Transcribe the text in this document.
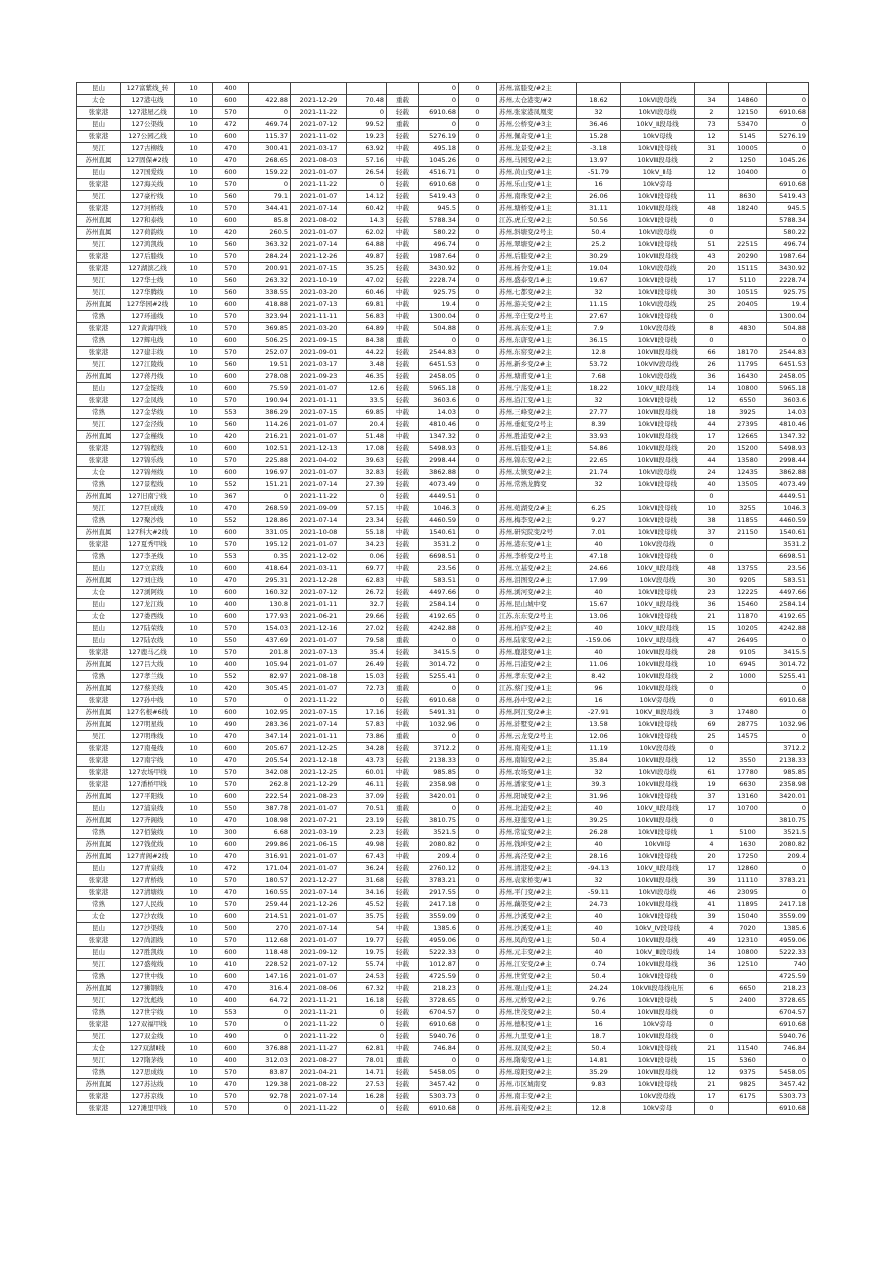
昆山	127富紫线_转	10	400					0	0	苏州,富塍变/#2主					
太仓	127港屯线	10	600	422.88	2021-12-29	70.48	重载	0	0	苏州,太仓港变/#2	18.62	10kVⅠ段母线	34	14860	0
张家港	127港屋乙线	10	570	0	2021-11-22	0	轻载	6910.68	0	苏州,张家港凤凰变	32	10kVⅠ段母线	2	12150	6910.68
昆山	127公渠线	10	472	469.74	2021-07-12	99.52	重载	0	0	苏州,公桥变/#3主	36.46	10kV_Ⅱ段母线	73	53470	0
张家港	127公园乙线	10	600	115.37	2021-11-02	19.23	轻载	5276.19	0	苏州,佩奇变/#1主	15.28	10kV母线	12	5145	5276.19
吴江	127古柳线	10	470	300.41	2021-03-17	63.92	中载	495.18	0	苏州,龙景变/#2主	-3.18	10kVⅡ段母线	31	10005	0
苏州直属	127固保#2线	10	470	268.65	2021-08-03	57.16	中载	1045.26	0	苏州,马园变/#2主	13.97	10kVⅢ段母线	2	1250	1045.26
昆山	127国爱线	10	600	159.22	2021-01-07	26.54	轻载	4516.71	0	苏州,黄山变/#1主	-51.79	10kV_Ⅱ母	12	10400	0
张家港	127海关线	10	570	0	2021-11-22	0	轻载	6910.68	0	苏州,乐山变/#1主	16	10kV旁母			6910.68
吴江	127豪柠线	10	560	79.1	2021-01-07	14.12	轻载	5419.43	0	苏州,南珠变/#2主	26.06	10kVⅡ段母线	11	8630	5419.43
张家港	127河桥线	10	570	344.41	2021-07-14	60.42	中载	945.5	0	苏州,塘桥变/#1主	31.11	10kVⅢ段母线	48	18240	945.5
苏州直属	127和泰线	10	600	85.8	2021-08-02	14.3	轻载	5788.34	0	江苏,虎丘变/#2主	50.56	10kVⅡ段母线	0		5788.34
苏州直属	127荷韵线	10	420	260.5	2021-01-07	62.02	中载	580.22	0	苏州,斜塘变/2号主	50.4	10kVⅠ段母线	0		580.22
吴江	127鸿凯线	10	560	363.32	2021-07-14	64.88	中载	496.74	0	苏州,翠塘变/#2主	25.2	10kVⅡ段母线	51	22515	496.74
张家港	127后塍线	10	570	284.24	2021-12-26	49.87	轻载	1987.64	0	苏州,后塍变/#2主	30.29	10kVⅢ段母线	43	20290	1987.64
张家港	127湖滨乙线	10	570	200.91	2021-07-15	35.25	轻载	3430.92	0	苏州,杨舍变/#1主	19.04	10kVⅠ段母线	20	15115	3430.92
吴江	127华士线	10	560	263.32	2021-10-19	47.02	轻载	2228.74	0	苏州,盛泰变/1#主	19.67	10kVⅡ段母线	17	5110	2228.74
吴江	127华腾线	10	560	338.55	2021-03-20	60.46	中载	925.75	0	苏州,七都变/#2主	32	10kVⅡ段母线	30	10515	925.75
苏州直属	127华园#2线	10	600	418.88	2021-07-13	69.81	中载	19.4	0	苏州,游关变/#2主	11.15	10kVⅠ段母线	25	20405	19.4
常熟	127环通线	10	570	323.94	2021-11-11	56.83	中载	1300.04	0	苏州,辛庄变/2号主	27.67	10kVⅡ段母线	0		1300.04
张家港	127黄海甲线	10	570	369.85	2021-03-20	64.89	中载	504.88	0	苏州,高东变/#1主	7.9	10kV段母线	8	4830	504.88
常熟	127辉电线	10	600	506.25	2021-09-15	84.38	重载	0	0	苏州,东唐变/#1主	36.15	10kVⅡ段母线	0		0
张家港	127建丰线	10	570	252.07	2021-09-01	44.22	轻载	2544.83	0	苏州,东窑变/#2主	12.8	10kVⅢ段母线	66	18170	2544.83
吴江	127江陵线	10	560	19.51	2021-03-17	3.48	轻载	6451.53	0	苏州,新乡变/2#主	53.72	10kVⅣ段母线	26	11795	6451.53
苏州直属	127蒋丹线	10	600	278.08	2021-09-23	46.35	轻载	2458.05	0	苏州,塘甫变/#1主	7.68	10kVⅠ段母线	36	16430	2458.05
昆山	127金锭线	10	600	75.59	2021-01-07	12.6	轻载	5965.18	0	苏州,宁荡变/#1主	18.22	10kV_Ⅱ段母线	14	10800	5965.18
张家港	127金凤线	10	570	190.94	2021-01-11	33.5	轻载	3603.6	0	苏州,沿江变/#1主	32	10kVⅡ段母线	12	6550	3603.6
常熟	127金华线	10	553	386.29	2021-07-15	69.85	中载	14.03	0	苏州,三峰变/#2主	27.77	10kVⅢ段母线	18	3925	14.03
吴江	127金泾线	10	560	114.26	2021-01-07	20.4	轻载	4810.46	0	苏州,垂虹变/2号主	8.39	10kVⅡ段母线	44	27395	4810.46
苏州直属	127金槿线	10	420	216.21	2021-01-07	51.48	中载	1347.32	0	苏州,胜浦变/#2主	33.93	10kVⅢ段母线	17	12665	1347.32
张家港	127锦程线	10	600	102.51	2021-12-13	17.08	轻载	5498.93	0	苏州,后塍变/#1主	54.86	10kVⅢ段母线	20	15200	5498.93
张家港	127锦乐线	10	570	225.88	2021-04-02	39.63	轻载	2998.44	0	苏州,锦东变/#2主	22.65	10kVⅢ段母线	44	13580	2998.44
太仓	127锦州线	10	600	196.97	2021-01-07	32.83	轻载	3862.88	0	苏州,太镇变/#2主	21.74	10kVⅠ段母线	24	12435	3862.88
常熟	127景程线	10	552	151.21	2021-07-14	27.39	轻载	4073.49	0	苏州,常熟龙腾变	32	10kVⅡ段母线	40	13505	4073.49
苏州直属	127旧南宁线	10	367	0	2021-11-22	0	轻载	4449.51	0				0		4449.51
吴江	127巨成线	10	470	268.59	2021-09-09	57.15	中载	1046.3	0	苏州,菀湖变/2#主	6.25	10kVⅡ段母线	10	3255	1046.3
常熟	127聚沙线	10	552	128.86	2021-07-14	23.34	轻载	4460.59	0	苏州,梅李变/#2主	9.27	10kVⅡ段母线	38	11855	4460.59
苏州直属	127科大#2线	10	600	331.05	2021-10-08	55.18	中载	1540.61	0	苏州,研究院变/2号	7.01	10kVⅡ段母线	37	21150	1540.61
张家港	127夏秀甲线	10	570	195.12	2021-01-07	34.23	轻载	3531.2	0	苏州,港东变/#1主	40	10kV段母线	0		3531.2
常熟	127李圣线	10	553	0.35	2021-12-02	0.06	轻载	6698.51	0	苏州,李桥变/2号主	47.18	10kVⅡ段母线	0		6698.51
昆山	127立京线	10	600	418.64	2021-03-11	69.77	中载	23.56	0	苏州,立基变/#2主	24.66	10kV_Ⅱ段母线	48	13755	23.56
苏州直属	127刘庄线	10	470	295.31	2021-12-28	62.83	中载	583.51	0	苏州,泪图变/2#主	17.99	10kV段母线	30	9205	583.51
太仓	127浏阿线	10	600	160.32	2021-07-12	26.72	轻载	4497.66	0	苏州,浏河变/#2主	40	10kVⅡ段母线	23	12225	4497.66
昆山	127龙江线	10	400	130.8	2021-01-11	32.7	轻载	2584.14	0	苏州,昆山城中变	15.67	10kV_Ⅱ段母线	36	15460	2584.14
太仓	127娄西线	10	600	177.93	2021-06-21	29.66	轻载	4192.65	0	江苏,东东变/2号主	13.06	10kVⅡ段母线	21	11870	4192.65
昆山	127陆荣线	10	570	154.03	2021-12-16	27.02	轻载	4242.88	0	苏州,柏庐变/#2主	40	10kV_Ⅱ段母线	15	10205	4242.88
昆山	127陆农线	10	550	437.69	2021-01-07	79.58	重载	0	0	苏州,陆家变/#2主	-159.06	10kV_Ⅱ段母线	47	26495	0
张家港	127鹿马乙线	10	570	201.8	2021-07-13	35.4	轻载	3415.5	0	苏州,鹿港变/#1主	40	10kVⅢ段母线	28	9105	3415.5
苏州直属	127吕大线	10	400	105.94	2021-01-07	26.49	轻载	3014.72	0	苏州,吕浦变/#2主	11.06	10kVⅢ段母线	10	6945	3014.72
常熟	127孝兰线	10	552	82.97	2021-08-18	15.03	轻载	5255.41	0	苏州,孝东变/#2主	8.42	10kVⅢ段母线	2	1000	5255.41
苏州直属	127蔡美线	10	420	305.45	2021-01-07	72.73	重载	0	0	江苏,蔡门变/#1主	96	10kVⅢ段母线	0		0
张家港	127孙中线	10	570	0	2021-11-22	0	轻载	6910.68	0	苏州,孙中变/#2主	16	10kV旁母线	0		6910.68
苏州直属	127名根#6线	10	600	102.95	2021-07-15	17.16	轻载	5491.31	0	苏州,阿江变/2#主	-27.91	10KV_Ⅲ段母线	3	17480	0
苏州直属	127明星线	10	490	283.36	2021-07-14	57.83	中载	1032.96	0	苏州,浒墅变/#2主	13.58	10kVⅡ段母线	69	28775	1032.96
吴江	127明珠线	10	470	347.14	2021-01-11	73.86	重载	0	0	苏州,云龙变/2号主	12.06	10kVⅡ段母线	25	14575	0
张家港	127南曼线	10	600	205.67	2021-12-25	34.28	轻载	3712.2	0	苏州,南苑变/#1主	11.19	10kV段母线	0		3712.2
张家港	127南宇线	10	470	205.54	2021-12-18	43.73	轻载	2138.33	0	苏州,南锦变/#2主	35.84	10kVⅢ段母线	12	3550	2138.33
张家港	127农场甲线	10	570	342.08	2021-12-25	60.01	中载	985.85	0	苏州,农场变/#1主	32	10kVⅠ段母线	61	17780	985.85
张家港	127潘桥甲线	10	570	262.8	2021-12-29	46.11	轻载	2358.98	0	苏州,潘家变/#1主	39.3	10kVⅢ段母线	19	6630	2358.98
苏州直属	127平阳线	10	600	222.54	2021-08-23	37.09	轻载	3420.01	0	苏州,阳城变/#2主	31.96	10kVⅡ段母线	37	13160	3420.01
昆山	127浦泉线	10	550	387.78	2021-01-07	70.51	重载	0	0	苏州,北浦变/#2主	40	10kV_Ⅱ段母线	17	10700	0
苏州直属	127齐阁线	10	470	108.98	2021-07-21	23.19	轻载	3810.75	0	苏州,迎莲变/#1主	39.25	10kVⅢ段母线	0		3810.75
常熟	127佰猿线	10	300	6.68	2021-03-19	2.23	轻载	3521.5	0	苏州,常谊变/#2主	26.28	10kVⅡ段母线	1	5100	3521.5
苏州直属	127钱优线	10	600	299.86	2021-06-15	49.98	轻载	2080.82	0	苏州,钱坤变/#2主	40	10kVⅡ母	4	1630	2080.82
苏州直属	127青阁#2线	10	470	316.91	2021-01-07	67.43	中载	209.4	0	苏州,高泾变/#2主	28.16	10kVⅡ段母线	20	17250	209.4
昆山	127青泉线	10	472	171.04	2021-01-07	36.24	轻载	2760.12	0	苏州,清港变/#2主	-94.13	10kV_Ⅱ段母线	17	12860	0
张家港	127青桥线	10	570	180.57	2021-12-27	31.68	轻载	3783.21	0	苏州,袁家桥变/#1	32	10kVⅢ段母线	39	11110	3783.21
张家港	127清塘线	10	470	160.55	2021-07-14	34.16	轻载	2917.55	0	苏州,平门变/#2主	-59.11	10kVⅠ段母线	46	23095	0
常熟	127人民线	10	570	259.44	2021-12-26	45.52	轻载	2417.18	0	苏州,藕渠变/#2主	24.73	10kVⅢ段母线	41	11895	2417.18
太仓	127沙农线	10	600	214.51	2021-01-07	35.75	轻载	3559.09	0	苏州,沙溪变/#2主	40	10kVⅡ段母线	39	15040	3559.09
昆山	127沙渠线	10	500	270	2021-07-14	54	中载	1385.6	0	苏州,沙溪变/#1主	40	10kV_Ⅳ段母线	4	7020	1385.6
张家港	127尚湄线	10	570	112.68	2021-01-07	19.77	轻载	4959.06	0	苏州,凤尚变/#1主	50.4	10kVⅢ段母线	49	12310	4959.06
昆山	127胜凯线	10	600	118.48	2021-09-12	19.75	轻载	5222.33	0	苏州,元丰变/#2主	40	10kV_Ⅲ段母线	14	10800	5222.33
吴江	127盛菀线	10	410	228.52	2021-07-12	55.74	中载	1012.87	0	苏州,江安变/2#主	0.74	10kVⅢ段母线	36	12510	740
常熟	127世中线	10	600	147.16	2021-01-07	24.53	轻载	4725.59	0	苏州,世贸变/#2主	50.4	10kVⅡ段母线	0		4725.59
苏州直属	127狮钢线	10	470	316.4	2021-08-06	67.32	中载	218.23	0	苏州,观山变/#1主	24.24	10kVⅡ段母线电压	6	6650	218.23
吴江	127沈彪线	10	400	64.72	2021-11-21	16.18	轻载	3728.65	0	苏州,元桥变/#2主	9.76	10kVⅡ段母线	5	2400	3728.65
常熟	127世宇线	10	553	0	2021-11-21	0	轻载	6704.57	0	苏州,世茂变/#2主	50.4	10kVⅢ段母线	0		6704.57
张家港	127双福甲线	10	570	0	2021-11-22	0	轻载	6910.68	0	苏州,德积变/#1主	16	10kV旁母	0		6910.68
吴江	127双金线	10	490	0	2021-11-22	0	轻载	5940.76	0	苏州,九里变/#1主	18.7	10kVⅢ段母线	0		5940.76
太仓	127双湖Ⅱ线	10	600	376.88	2021-11-27	62.81	中载	746.84	0	苏州,双凤变/#2主	50.4	10kVⅡ段母线	21	11540	746.84
吴江	127隋茅线	10	400	312.03	2021-08-27	78.01	重载	0	0	苏州,隋菊变/#1主	14.81	10kVⅡ段母线	15	5360	0
常熟	127思成线	10	570	83.87	2021-04-21	14.71	轻载	5458.05	0	苏州,琼阳变/#2主	35.29	10kVⅢ段母线	12	9375	5458.05
苏州直属	127苏达线	10	470	129.38	2021-08-22	27.53	轻载	3457.42	0	苏州,市区城南变	9.83	10kVⅡ段母线	21	9825	3457.42
张家港	127苏京线	10	570	92.78	2021-07-14	16.28	轻载	5303.73	0	苏州,南丰变/#2主		10kV段母线	17	6175	5303.73
张家港	127滩里甲线	10	570	0	2021-11-22	0	轻载	6910.68	0	苏州,前苑变/#2主	12.8	10kV旁母	0		6910.68
